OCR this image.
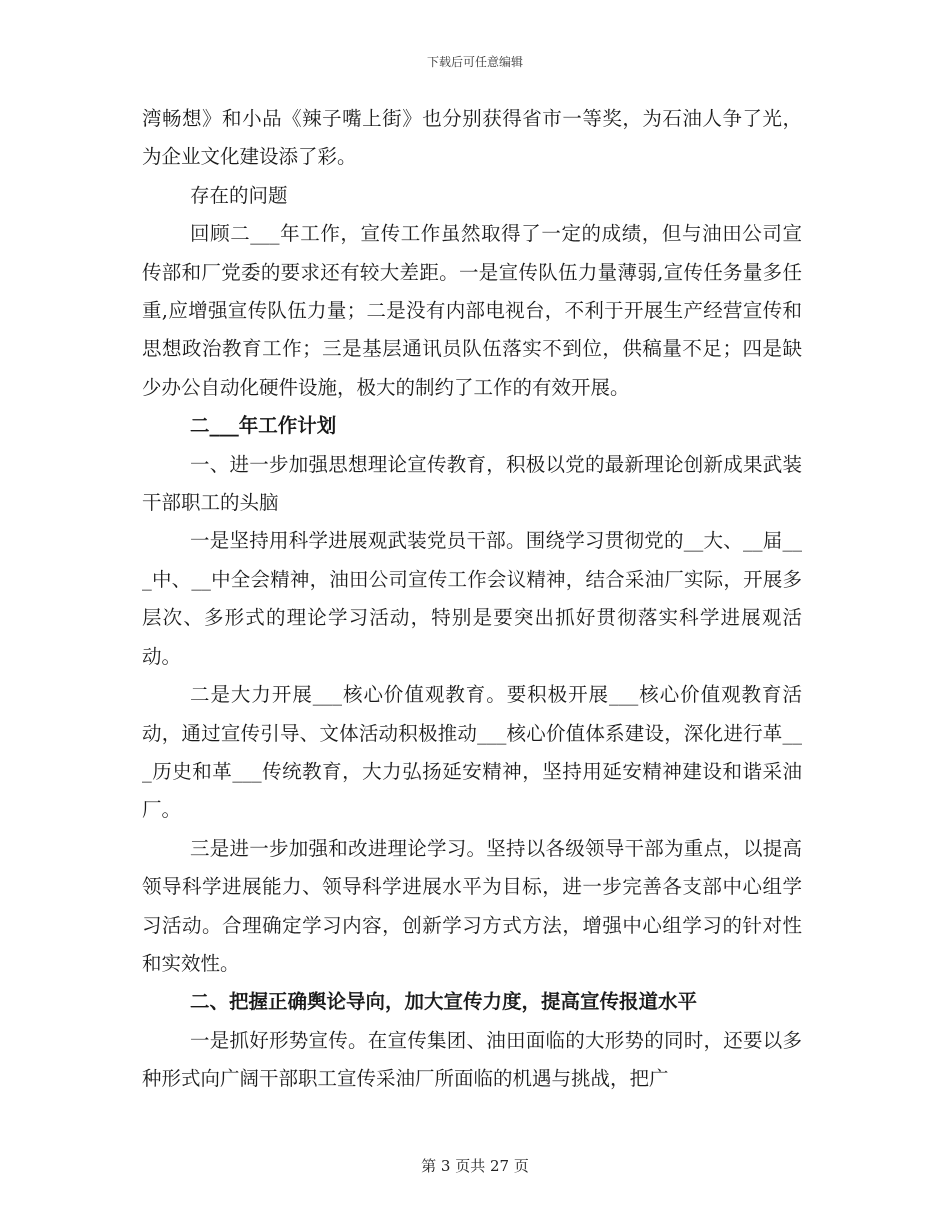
下载后可任意编辑

湾畅想》和小品《辣子嘴上街》也分别获得省市一等奖，为石油人争了光，为企业文化建设添了彩。

存在的问题

回顾二___年工作，宣传工作虽然取得了一定的成绩，但与油田公司宣传部和厂党委的要求还有较大差距。一是宣传队伍力量薄弱,宣传任务量多任重,应增强宣传队伍力量；二是没有内部电视台，不利于开展生产经营宣传和思想政治教育工作；三是基层通讯员队伍落实不到位，供稿量不足；四是缺少办公自动化硬件设施，极大的制约了工作的有效开展。

二___年工作计划

一、进一步加强思想理论宣传教育，积极以党的最新理论创新成果武装干部职工的头脑

一是坚持用科学进展观武装党员干部。围绕学习贯彻党的__大、__届___中、__中全会精神，油田公司宣传工作会议精神，结合采油厂实际，开展多层次、多形式的理论学习活动，特别是要突出抓好贯彻落实科学进展观活动。

二是大力开展___核心价值观教育。要积极开展___核心价值观教育活动，通过宣传引导、文体活动积极推动___核心价值体系建设，深化进行革___历史和革___传统教育，大力弘扬延安精神，坚持用延安精神建设和谐采油厂。

三是进一步加强和改进理论学习。坚持以各级领导干部为重点，以提高领导科学进展能力、领导科学进展水平为目标，进一步完善各支部中心组学习活动。合理确定学习内容，创新学习方式方法，增强中心组学习的针对性和实效性。

二、把握正确舆论导向，加大宣传力度，提高宣传报道水平

一是抓好形势宣传。在宣传集团、油田面临的大形势的同时，还要以多种形式向广阔干部职工宣传采油厂所面临的机遇与挑战，把广

第 3 页共 27 页
